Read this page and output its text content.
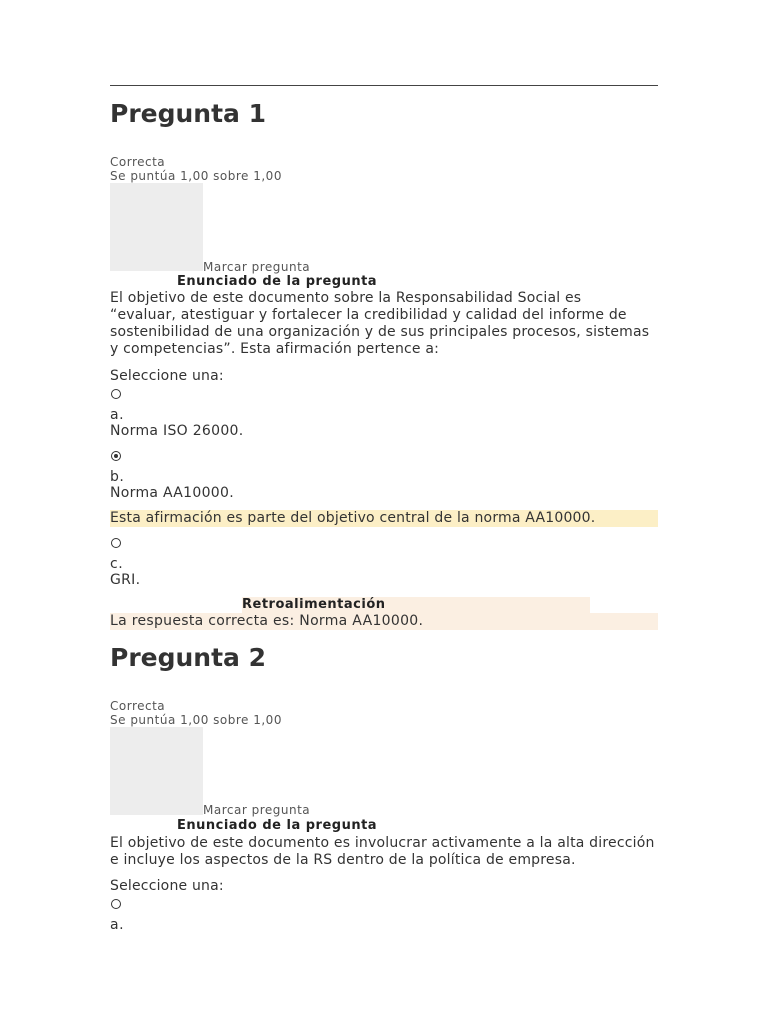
Pregunta 1
Correcta
Se puntúa 1,00 sobre 1,00
Marcar pregunta
Enunciado de la pregunta
El objetivo de este documento sobre la Responsabilidad Social es
“evaluar, atestiguar y fortalecer la credibilidad y calidad del informe de
sostenibilidad de una organización y de sus principales procesos, sistemas
y competencias”. Esta afirmación pertence a:
Seleccione una:
a.
Norma ISO 26000.
b.
Norma AA10000.
Esta afirmación es parte del objetivo central de la norma AA10000.
c.
GRI.
Retroalimentación
La respuesta correcta es: Norma AA10000.
Pregunta 2
Correcta
Se puntúa 1,00 sobre 1,00
Marcar pregunta
Enunciado de la pregunta
El objetivo de este documento es involucrar activamente a la alta dirección
e incluye los aspectos de la RS dentro de la política de empresa.
Seleccione una:
a.
